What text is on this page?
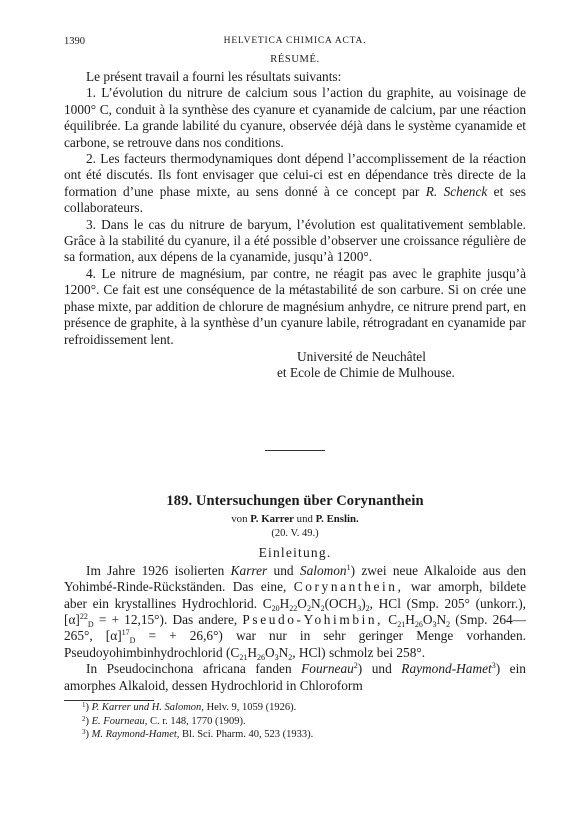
1390	HELVETICA CHIMICA ACTA.
RÉSUMÉ.

Le présent travail a fourni les résultats suivants:

1. L’évolution du nitrure de calcium sous l’action du graphite, au voisinage de 1000° C, conduit à la synthèse des cyanure et cyanamide de calcium, par une réaction équilibrée. La grande labilité du cyanure, observée déjà dans le système cyanamide et carbone, se retrouve dans nos conditions.

2. Les facteurs thermodynamiques dont dépend l’accomplissement de la réaction ont été discutés. Ils font envisager que celui-ci est en dépendance très directe de la formation d’une phase mixte, au sens donné à ce concept par R. Schenck et ses collaborateurs.

3. Dans le cas du nitrure de baryum, l’évolution est qualitativement semblable. Grâce à la stabilité du cyanure, il a été possible d’observer une croissance régulière de sa formation, aux dépens de la cyanamide, jusqu’à 1200°.

4. Le nitrure de magnésium, par contre, ne réagit pas avec le graphite jusqu’à 1200°. Ce fait est une conséquence de la métastabilité de son carbure. Si on crée une phase mixte, par addition de chlorure de magnésium anhydre, ce nitrure prend part, en présence de graphite, à la synthèse d’un cyanure labile, rétrogradant en cyanamide par refroidissement lent.

Université de Neuchâtel
et Ecole de Chimie de Mulhouse.
189. Untersuchungen über Corynanthein
von P. Karrer und P. Enslin.
(20. V. 49.)
Einleitung.

Im Jahre 1926 isolierten Karrer und Salomon$^1$) zwei neue Alkaloide aus den Yohimbé-Rinde-Rückständen. Das eine, Corynanthein, war amorph, bildete aber ein krystallines Hydrochlorid. $C_{20}H_{22}O_2N_2(OCH_3)_2$, HCl (Smp. 205° (unkorr.), $[\alpha]^{22}_D$ = + 12,15°). Das andere, Pseudo-Yohimbin, $C_{21}H_{26}O_3N_2$ (Smp. 264—265°, $[\alpha]^{17}_D$ = + 26,6°) war nur in sehr geringer Menge vorhanden. Pseudoyohimbinhydrochlorid ($C_{21}H_{26}O_3N_2$, HCl) schmolz bei 258°.

In Pseudocinchona africana fanden Fourneau$^2$) und Raymond-Hamet$^3$) ein amorphes Alkaloid, dessen Hydrochlorid in Chloroform

$^1$) P. Karrer und H. Salomon, Helv. 9, 1059 (1926).
$^2$) E. Fourneau, C. r. 148, 1770 (1909).
$^3$) M. Raymond-Hamet, Bl. Sci. Pharm. 40, 523 (1933).
